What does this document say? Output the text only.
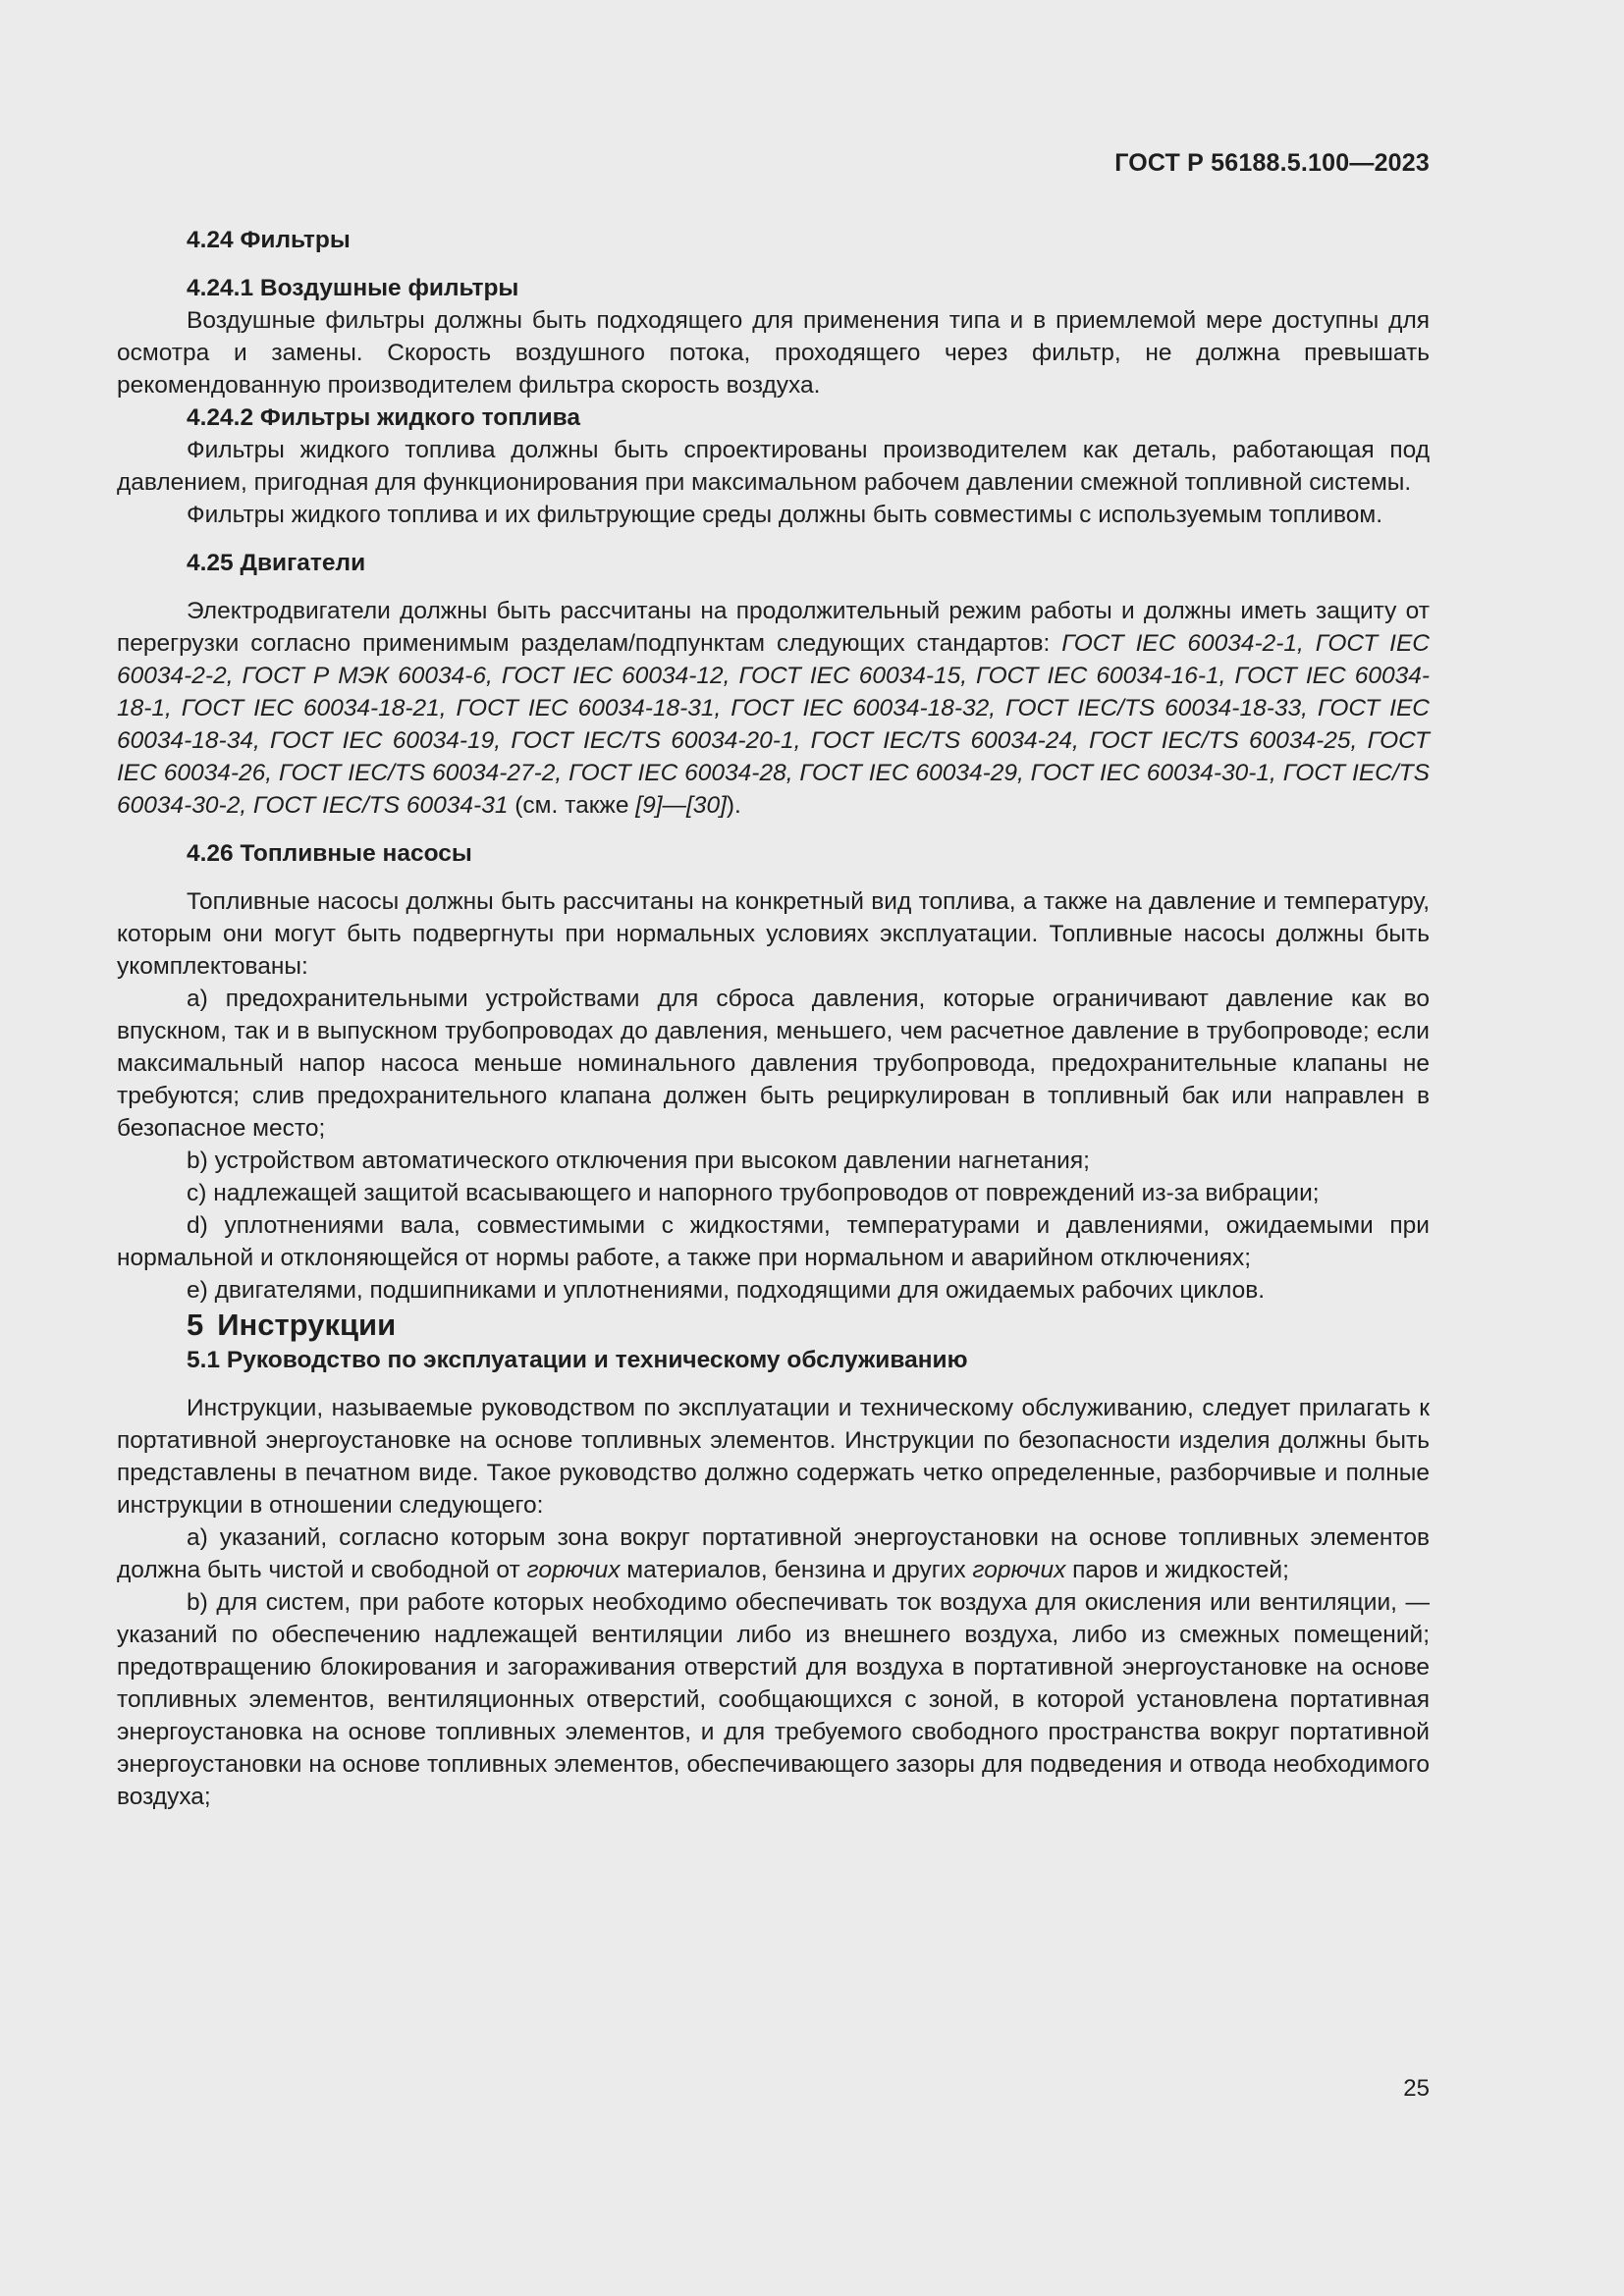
ГОСТ Р 56188.5.100—2023

4.24 Фильтры

4.24.1 Воздушные фильтры

Воздушные фильтры должны быть подходящего для применения типа и в приемлемой мере доступны для осмотра и замены. Скорость воздушного потока, проходящего через фильтр, не должна превышать рекомендованную производителем фильтра скорость воздуха.

4.24.2 Фильтры жидкого топлива

Фильтры жидкого топлива должны быть спроектированы производителем как деталь, работающая под давлением, пригодная для функционирования при максимальном рабочем давлении смежной топливной системы.

Фильтры жидкого топлива и их фильтрующие среды должны быть совместимы с используемым топливом.

4.25 Двигатели

Электродвигатели должны быть рассчитаны на продолжительный режим работы и должны иметь защиту от перегрузки согласно применимым разделам/подпунктам следующих стандартов: ГОСТ IEC 60034-2-1, ГОСТ IEC 60034-2-2, ГОСТ Р МЭК 60034-6, ГОСТ IEC 60034-12, ГОСТ IEC 60034-15, ГОСТ IEC 60034-16-1, ГОСТ IEC 60034-18-1, ГОСТ IEC 60034-18-21, ГОСТ IEC 60034-18-31, ГОСТ IEC 60034-18-32, ГОСТ IEC/TS 60034-18-33, ГОСТ IEC 60034-18-34, ГОСТ IEC 60034-19, ГОСТ IEC/TS 60034-20-1, ГОСТ IEC/TS 60034-24, ГОСТ IEC/TS 60034-25, ГОСТ IEC 60034-26, ГОСТ IEC/TS 60034-27-2, ГОСТ IEC 60034-28, ГОСТ IEC 60034-29, ГОСТ IEC 60034-30-1, ГОСТ IEC/TS 60034-30-2, ГОСТ IEC/TS 60034-31 (см. также [9]—[30]).

4.26 Топливные насосы

Топливные насосы должны быть рассчитаны на конкретный вид топлива, а также на давление и температуру, которым они могут быть подвергнуты при нормальных условиях эксплуатации. Топливные насосы должны быть укомплектованы:

а) предохранительными устройствами для сброса давления, которые ограничивают давление как во впускном, так и в выпускном трубопроводах до давления, меньшего, чем расчетное давление в трубопроводе; если максимальный напор насоса меньше номинального давления трубопровода, предохранительные клапаны не требуются; слив предохранительного клапана должен быть рециркулирован в топливный бак или направлен в безопасное место;

b) устройством автоматического отключения при высоком давлении нагнетания;

c) надлежащей защитой всасывающего и напорного трубопроводов от повреждений из-за вибрации;

d) уплотнениями вала, совместимыми с жидкостями, температурами и давлениями, ожидаемыми при нормальной и отклоняющейся от нормы работе, а также при нормальном и аварийном отключениях;

e) двигателями, подшипниками и уплотнениями, подходящими для ожидаемых рабочих циклов.

5 Инструкции

5.1 Руководство по эксплуатации и техническому обслуживанию

Инструкции, называемые руководством по эксплуатации и техническому обслуживанию, следует прилагать к портативной энергоустановке на основе топливных элементов. Инструкции по безопасности изделия должны быть представлены в печатном виде. Такое руководство должно содержать четко определенные, разборчивые и полные инструкции в отношении следующего:

а) указаний, согласно которым зона вокруг портативной энергоустановки на основе топливных элементов должна быть чистой и свободной от горючих материалов, бензина и других горючих паров и жидкостей;

b) для систем, при работе которых необходимо обеспечивать ток воздуха для окисления или вентиляции, — указаний по обеспечению надлежащей вентиляции либо из внешнего воздуха, либо из смежных помещений; предотвращению блокирования и загораживания отверстий для воздуха в портативной энергоустановке на основе топливных элементов, вентиляционных отверстий, сообщающихся с зоной, в которой установлена портативная энергоустановка на основе топливных элементов, и для требуемого свободного пространства вокруг портативной энергоустановки на основе топливных элементов, обеспечивающего зазоры для подведения и отвода необходимого воздуха;

25
